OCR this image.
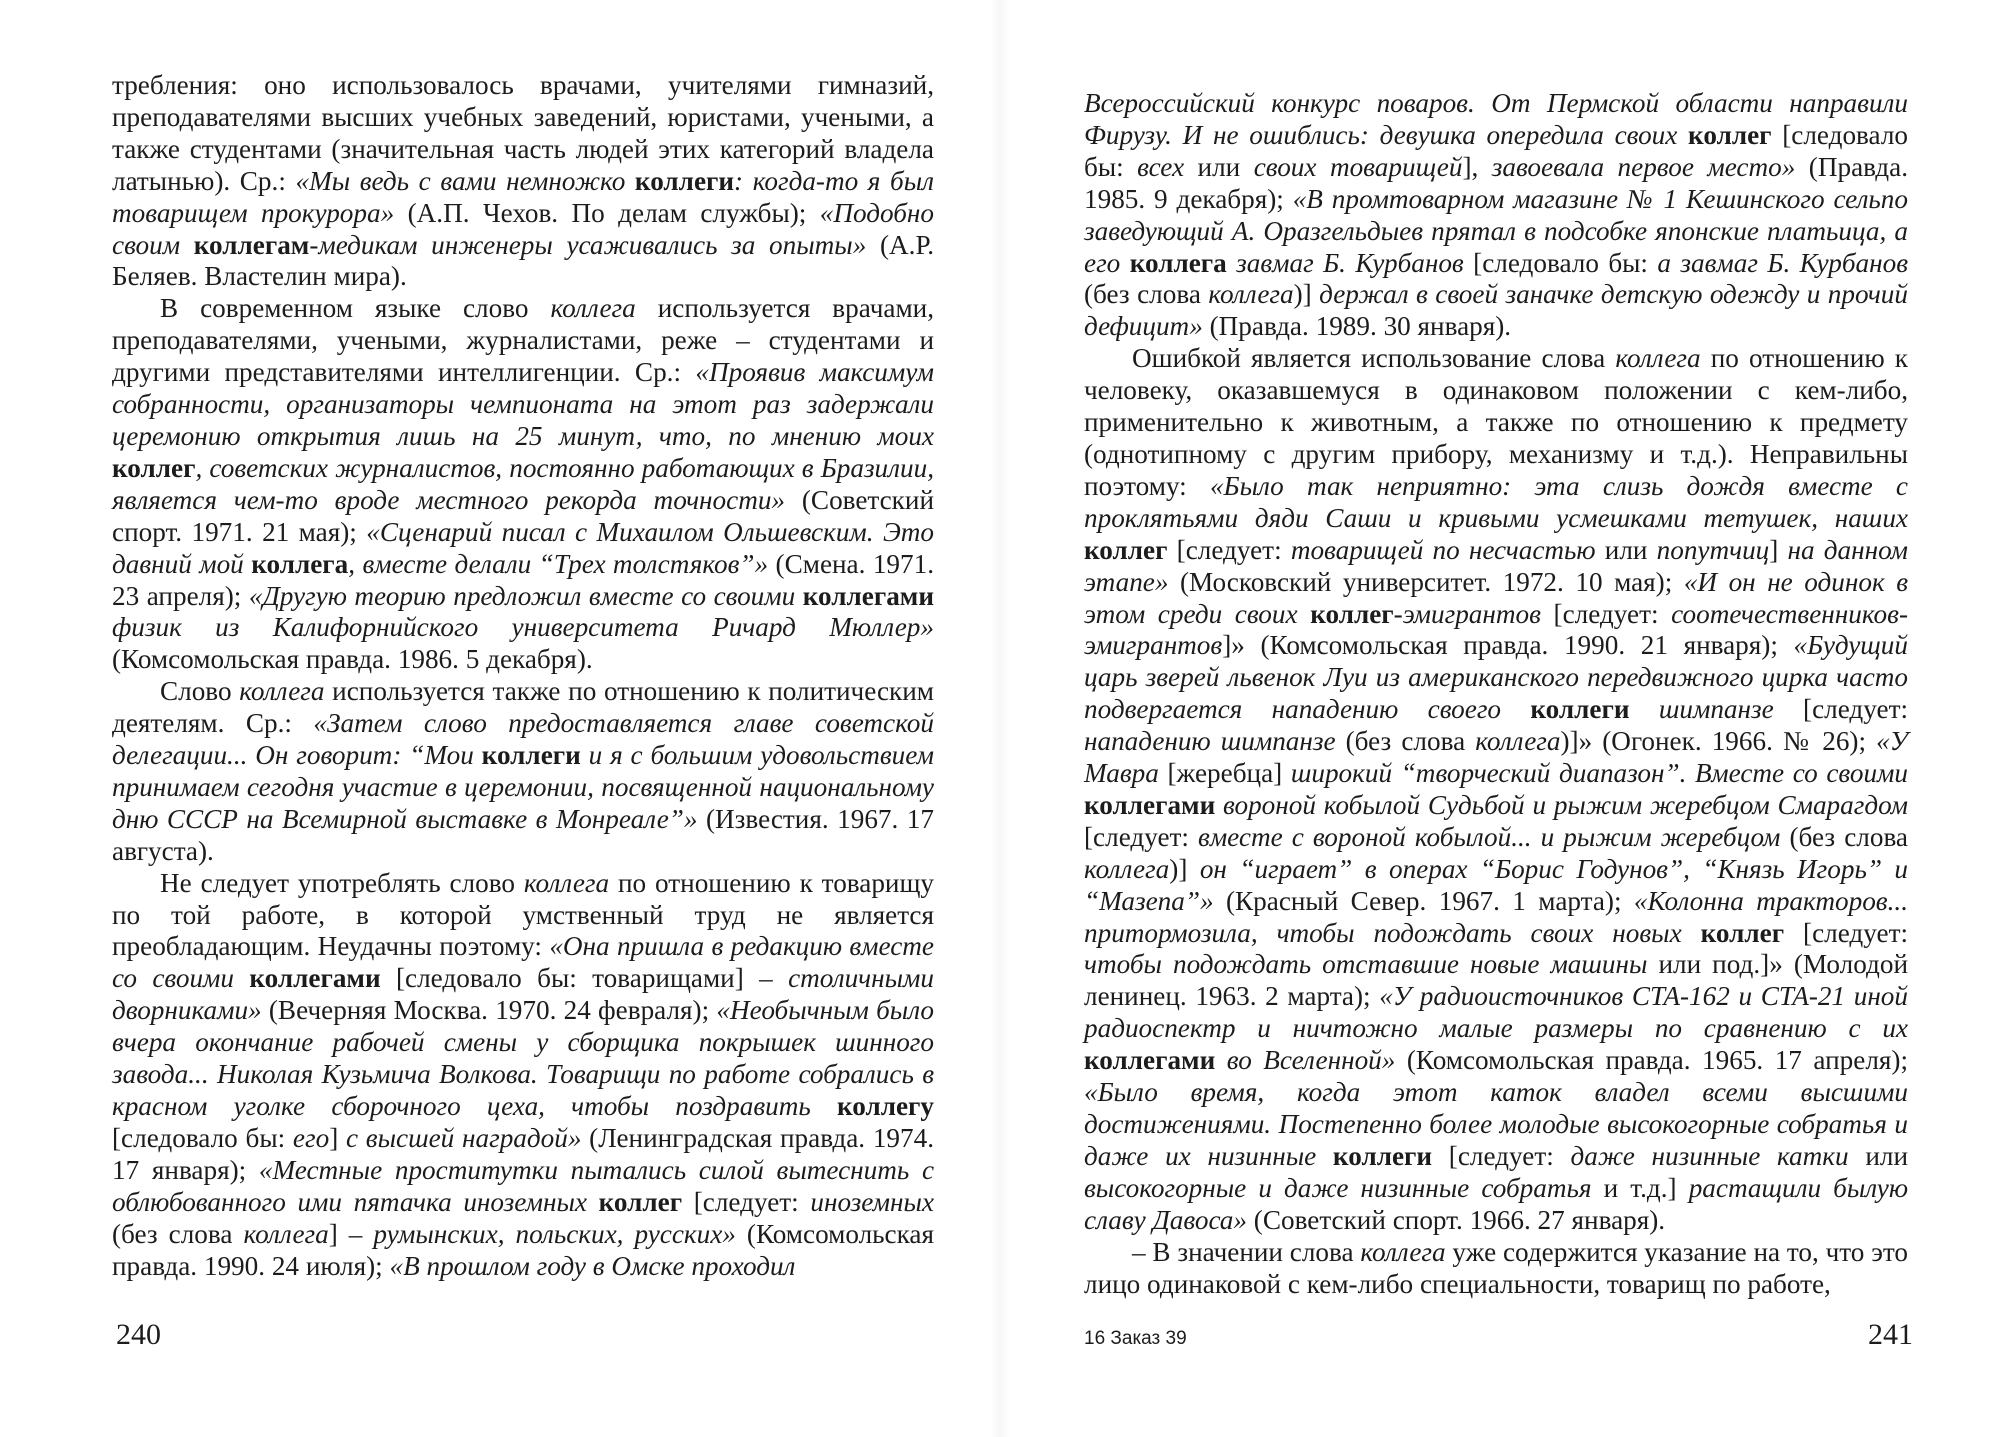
требления: оно использовалось врачами, учителями гимназий, преподавателями высших учебных заведений, юристами, учеными, а также студентами (значительная часть людей этих категорий владела латынью). Ср.: «Мы ведь с вами немножко коллеги: когда-то я был товарищем прокурора» (А.П. Чехов. По делам службы); «Подобно своим коллегам-медикам инженеры усаживались за опыты» (А.Р. Беляев. Властелин мира).

В современном языке слово коллега используется врачами, преподавателями, учеными, журналистами, реже – студентами и другими представителями интеллигенции. Ср.: «Проявив максимум собранности, организаторы чемпионата на этот раз задержали церемонию открытия лишь на 25 минут, что, по мнению моих коллег, советских журналистов, постоянно работающих в Бразилии, является чем-то вроде местного рекорда точности» (Советский спорт. 1971. 21 мая); «Сценарий писал с Михаилом Ольшевским. Это давний мой коллега, вместе делали “Трех толстяков”» (Смена. 1971. 23 апреля); «Другую теорию предложил вместе со своими коллегами физик из Калифорнийского университета Ричард Мюллер» (Комсомольская правда. 1986. 5 декабря).

Слово коллега используется также по отношению к политическим деятелям. Ср.: «Затем слово предоставляется главе советской делегации... Он говорит: “Мои коллеги и я с большим удовольствием принимаем сегодня участие в церемонии, посвященной национальному дню СССР на Всемирной выставке в Монреале”» (Известия. 1967. 17 августа).

Не следует употреблять слово коллега по отношению к товарищу по той работе, в которой умственный труд не является преобладающим. Неудачны поэтому: «Она пришла в редакцию вместе со своими коллегами [следовало бы: товарищами] – столичными дворниками» (Вечерняя Москва. 1970. 24 февраля); «Необычным было вчера окончание рабочей смены у сборщика покрышек шинного завода... Николая Кузьмича Волкова. Товарищи по работе собрались в красном уголке сборочного цеха, чтобы поздравить коллегу [следовало бы: его] с высшей наградой» (Ленинградская правда. 1974. 17 января); «Местные проститутки пытались силой вытеснить с облюбованного ими пятачка иноземных коллег [следует: иноземных (без слова коллега] – румынских, польских, русских» (Комсомольская правда. 1990. 24 июля); «В прошлом году в Омске проходил

240

Всероссийский конкурс поваров. От Пермской области направили Фирузу. И не ошиблись: девушка опередила своих коллег [следовало бы: всех или своих товарищей], завоевала первое место» (Правда. 1985. 9 декабря); «В промтоварном магазине № 1 Кешинского сельпо заведующий А. Оразгельдыев прятал в подсобке японские платьица, а его коллега завмаг Б. Курбанов [следовало бы: а завмаг Б. Курбанов (без слова коллега)] держал в своей заначке детскую одежду и прочий дефицит» (Правда. 1989. 30 января).

Ошибкой является использование слова коллега по отношению к человеку, оказавшемуся в одинаковом положении с кем-либо, применительно к животным, а также по отношению к предмету (однотипному с другим прибору, механизму и т.д.). Неправильны поэтому: «Было так неприятно: эта слизь дождя вместе с проклятьями дяди Саши и кривыми усмешками тетушек, наших коллег [следует: товарищей по несчастью или попутчиц] на данном этапе» (Московский университет. 1972. 10 мая); «И он не одинок в этом среди своих коллег-эмигрантов [следует: соотечественников-эмигрантов]» (Комсомольская правда. 1990. 21 января); «Будущий царь зверей львенок Луи из американского передвижного цирка часто подвергается нападению своего коллеги шимпанзе [следует: нападению шимпанзе (без слова коллега)]» (Огонек. 1966. № 26); «У Мавра [жеребца] широкий “творческий диапазон”. Вместе со своими коллегами вороной кобылой Судьбой и рыжим жеребцом Смарагдом [следует: вместе с вороной кобылой... и рыжим жеребцом (без слова коллега)] он “играет” в операх “Борис Годунов”, “Князь Игорь” и “Мазепа”» (Красный Север. 1967. 1 марта); «Колонна тракторов... притормозила, чтобы подождать своих новых коллег [следует: чтобы подождать отставшие новые машины или под.]» (Молодой ленинец. 1963. 2 марта); «У радиоисточников СТА-162 и СТА-21 иной радиоспектр и ничтожно малые размеры по сравнению с их коллегами во Вселенной» (Комсомольская правда. 1965. 17 апреля); «Было время, когда этот каток владел всеми высшими достижениями. Постепенно более молодые высокогорные собратья и даже их низинные коллеги [следует: даже низинные катки или высокогорные и даже низинные собратья и т.д.] растащили былую славу Давоса» (Советский спорт. 1966. 27 января).

– В значении слова коллега уже содержится указание на то, что это лицо одинаковой с кем-либо специальности, товарищ по работе,

16 Заказ 39	241
